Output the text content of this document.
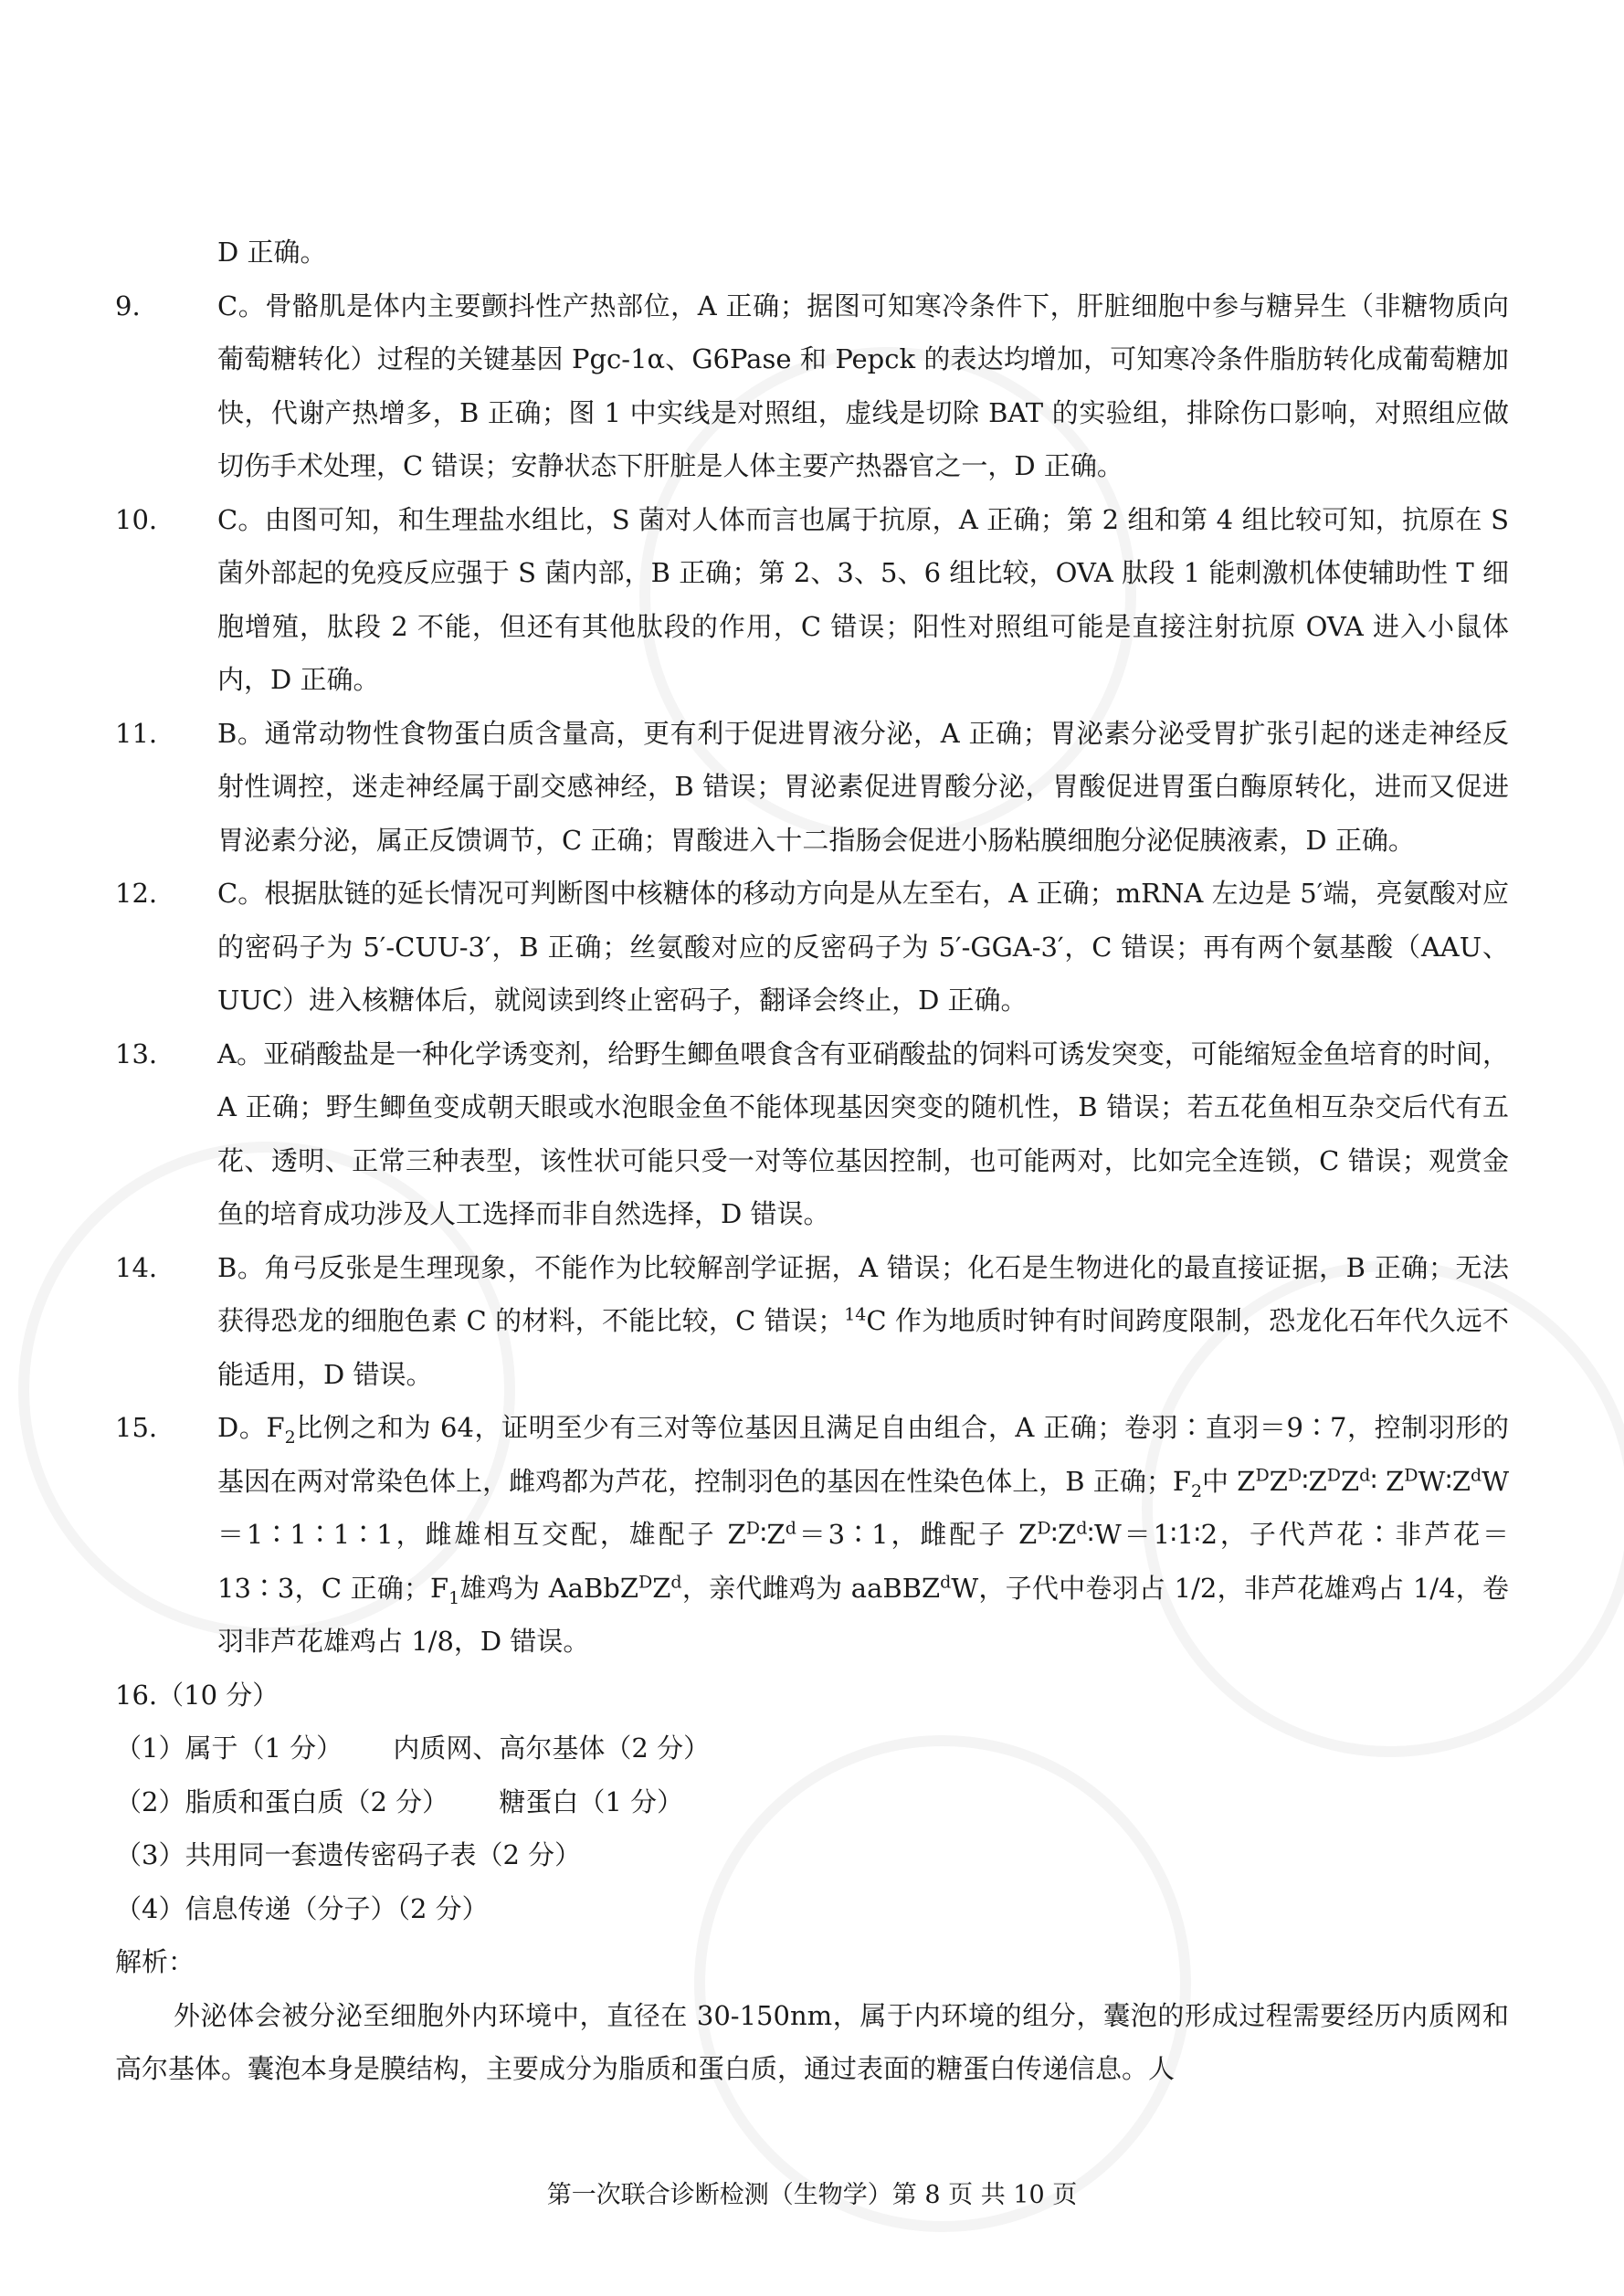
D 正确。
9.	C。骨骼肌是体内主要颤抖性产热部位，A 正确；据图可知寒冷条件下，肝脏细胞中参与糖异生（非糖物质向葡萄糖转化）过程的关键基因 Pgc-1α、G6Pase 和 Pepck 的表达均增加，可知寒冷条件脂肪转化成葡萄糖加快，代谢产热增多，B 正确；图 1 中实线是对照组，虚线是切除 BAT 的实验组，排除伤口影响，对照组应做切伤手术处理，C 错误；安静状态下肝脏是人体主要产热器官之一，D 正确。
10.	C。由图可知，和生理盐水组比，S 菌对人体而言也属于抗原，A 正确；第 2 组和第 4 组比较可知，抗原在 S 菌外部起的免疫反应强于 S 菌内部，B 正确；第 2、3、5、6 组比较，OVA 肽段 1 能刺激机体使辅助性 T 细胞增殖，肽段 2 不能，但还有其他肽段的作用，C 错误；阳性对照组可能是直接注射抗原 OVA 进入小鼠体内，D 正确。
11.	B。通常动物性食物蛋白质含量高，更有利于促进胃液分泌，A 正确；胃泌素分泌受胃扩张引起的迷走神经反射性调控，迷走神经属于副交感神经，B 错误；胃泌素促进胃酸分泌，胃酸促进胃蛋白酶原转化，进而又促进胃泌素分泌，属正反馈调节，C 正确；胃酸进入十二指肠会促进小肠粘膜细胞分泌促胰液素，D 正确。
12.	C。根据肽链的延长情况可判断图中核糖体的移动方向是从左至右，A 正确；mRNA 左边是 5′端，亮氨酸对应的密码子为 5′-CUU-3′，B 正确；丝氨酸对应的反密码子为 5′-GGA-3′，C 错误；再有两个氨基酸（AAU、UUC）进入核糖体后，就阅读到终止密码子，翻译会终止，D 正确。
13.	A。亚硝酸盐是一种化学诱变剂，给野生鲫鱼喂食含有亚硝酸盐的饲料可诱发突变，可能缩短金鱼培育的时间，A 正确；野生鲫鱼变成朝天眼或水泡眼金鱼不能体现基因突变的随机性，B 错误；若五花鱼相互杂交后代有五花、透明、正常三种表型，该性状可能只受一对等位基因控制，也可能两对，比如完全连锁，C 错误；观赏金鱼的培育成功涉及人工选择而非自然选择，D 错误。
14.	B。角弓反张是生理现象，不能作为比较解剖学证据，A 错误；化石是生物进化的最直接证据，B 正确；无法获得恐龙的细胞色素 C 的材料，不能比较，C 错误；$^{14}$C 作为地质时钟有时间跨度限制，恐龙化石年代久远不能适用，D 错误。
15.	D。$F_2$比例之和为 64，证明至少有三对等位基因且满足自由组合，A 正确；卷羽∶直羽＝9∶7，控制羽形的基因在两对常染色体上，雌鸡都为芦花，控制羽色的基因在性染色体上，B 正确；$F_2$中 $Z^DZ^D∶Z^DZ^d∶$ $Z^DW∶Z^dW=1∶1∶1∶1$，雌雄相互交配，雄配子 $Z^D∶Z^d=3∶1$，雌配子 $Z^D∶Z^d∶W=1∶1∶2$，子代芦花∶非芦花＝13∶3，C 正确；$F_1$雄鸡为 $AaBbZ^DZ^d$，亲代雌鸡为 aaBBZ$^d$W，子代中卷羽占 1/2，非芦花雄鸡占 1/4，卷羽非芦花雄鸡占 1/8，D 错误。
16.（10 分）
（1）属于（1 分）      内质网、高尔基体（2 分）
（2）脂质和蛋白质（2 分）      糖蛋白（1 分）
（3）共用同一套遗传密码子表（2 分）
（4）信息传递（分子）（2 分）
解析：
外泌体会被分泌至细胞外内环境中，直径在 30-150nm，属于内环境的组分，囊泡的形成过程需要经历内质网和高尔基体。囊泡本身是膜结构，主要成分为脂质和蛋白质，通过表面的糖蛋白传递信息。人
第一次联合诊断检测（生物学）第 8 页 共 10 页
